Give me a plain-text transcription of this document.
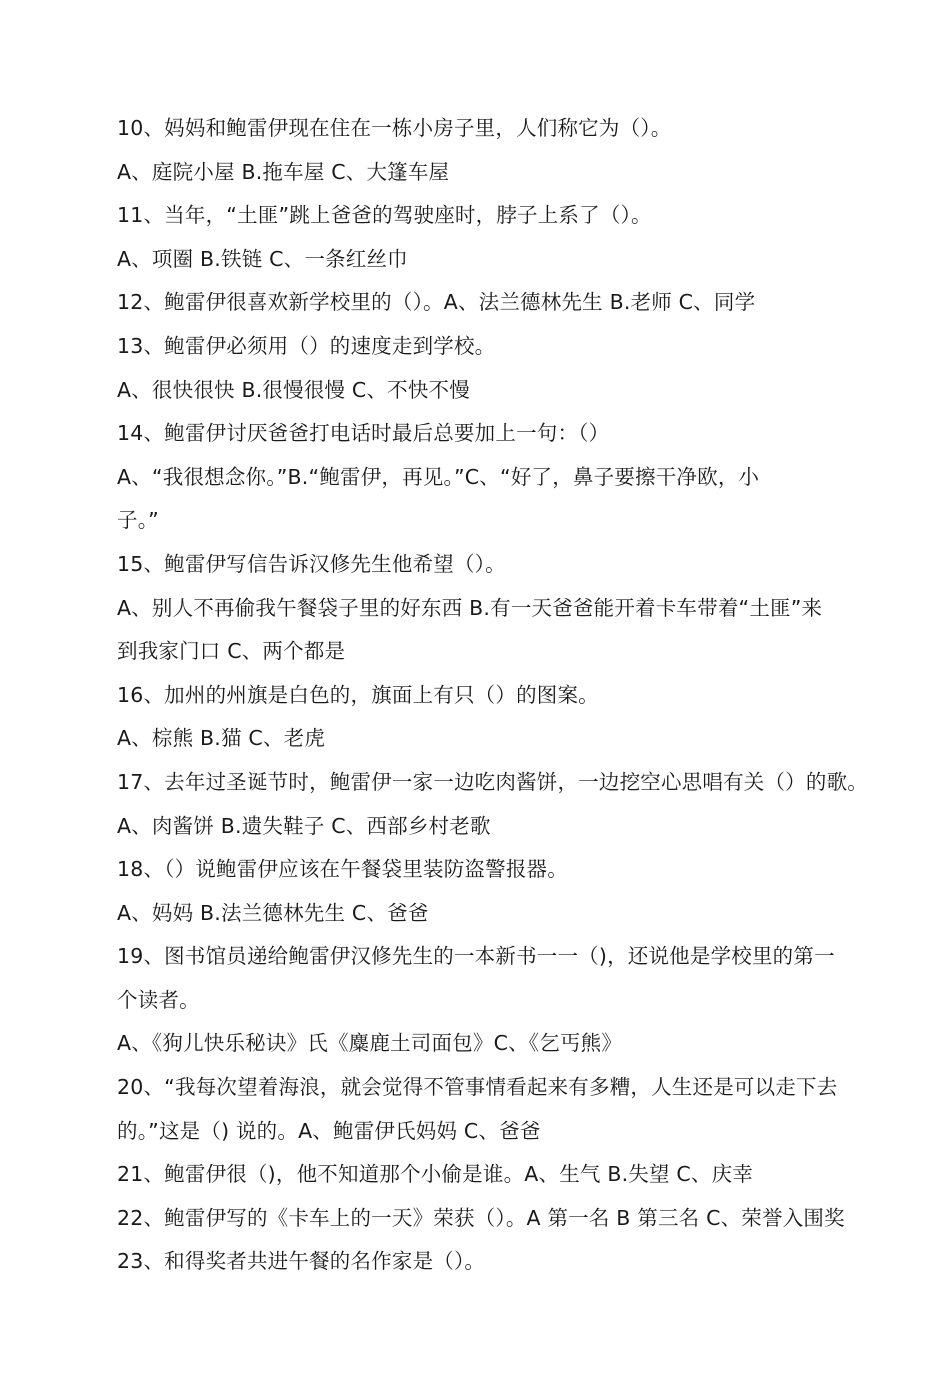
10、妈妈和鲍雷伊现在住在一栋小房子里，人们称它为（）。
A、庭院小屋 B.拖车屋 C、大篷车屋
11、当年，“土匪”跳上爸爸的驾驶座时，脖子上系了（）。
A、项圈 B.铁链 C、一条红丝巾
12、鲍雷伊很喜欢新学校里的（）。A、法兰德林先生 B.老师 C、同学
13、鲍雷伊必须用（）的速度走到学校。
A、很快很快 B.很慢很慢 C、不快不慢
14、鲍雷伊讨厌爸爸打电话时最后总要加上一句：（）
A、“我很想念你。”B.“鲍雷伊，再见。”C、“好了，鼻子要擦干净欧，小
子。”
15、鲍雷伊写信告诉汉修先生他希望（）。
A、别人不再偷我午餐袋子里的好东西 B.有一天爸爸能开着卡车带着“土匪”来
到我家门口 C、两个都是
16、加州的州旗是白色的，旗面上有只（）的图案。
A、棕熊 B.猫 C、老虎
17、去年过圣诞节时，鲍雷伊一家一边吃肉酱饼，一边挖空心思唱有关（）的歌。
A、肉酱饼 B.遗失鞋子 C、西部乡村老歌
18、（）说鲍雷伊应该在午餐袋里装防盗警报器。
A、妈妈 B.法兰德林先生 C、爸爸
19、图书馆员递给鲍雷伊汉修先生的一本新书一一（)，还说他是学校里的第一
个读者。
A、《狗儿快乐秘诀》氏《麋鹿土司面包》C、《乞丐熊》
20、“我每次望着海浪，就会觉得不管事情看起来有多糟，人生还是可以走下去
的。”这是（) 说的。A、鲍雷伊氏妈妈 C、爸爸
21、鲍雷伊很（)，他不知道那个小偷是谁。A、生气 B.失望 C、庆幸
22、鲍雷伊写的《卡车上的一天》荣获（）。A 第一名 B 第三名 C、荣誉入围奖
23、和得奖者共进午餐的名作家是（）。
